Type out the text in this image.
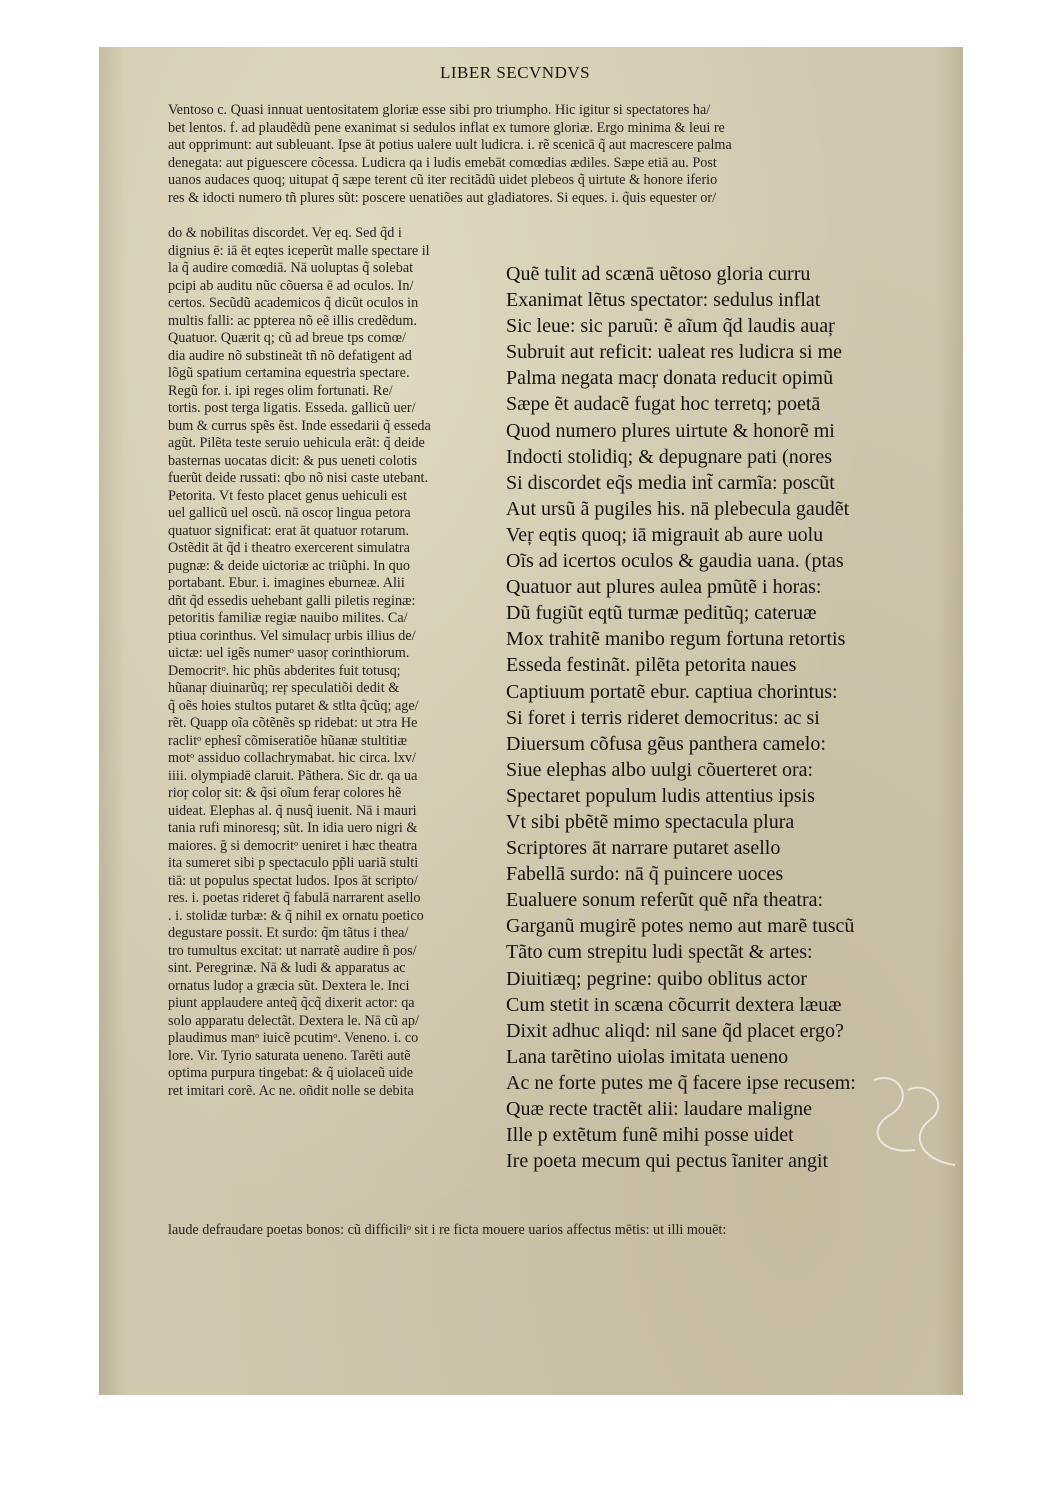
LIBER SECVNDVS
Ventoso c. Quasi innuat uentositatem gloriæ esse sibi pro triumpho. Hic igitur si spectatores ha/
bet lentos. f. ad plaudẽdũ pene exanimat si sedulos inflat ex tumore gloriæ. Ergo minima & leui re
aut opprimunt: aut subleuant. Ipse āt potius ualere uult ludicra. i. rẽ scenicā q̃ aut macrescere palma
denegata: aut piguescere cõcessa. Ludicra qa i ludis emebāt comœdias ædiles. Sæpe etiā au. Post
uanos audaces quoq; uitupat q̃ sæpe terent cũ iter recitãdũ uidet plebeos q̃ uirtute & honore iferio
res & idocti numero tñ plures sũt: poscere uenatiões aut gladiatores. Si eques. i. q̃uis equester or/
do & nobilitas discordet. Veŗ eq. Sed q̃d i
dignius ē: iā ēt eqtes iceperũt malle spectare il
la q̃ audire comœdiā. Nā uoluptas q̃ solebat
pcipi ab auditu nũc cõuersa ē ad oculos. In/
certos. Secũdũ academicos q̃ dicũt oculos in
multis falli: ac ppterea nõ eẽ illis credẽdum.
Quatuor. Quærit q; cũ ad breue tps comœ/
dia audire nõ substineãt tñ nõ defatigent ad
lõgũ spatium certamina equestria spectare.
Regũ for. i. ipi reges olim fortunati. Re/
tortis. post terga ligatis. Esseda. gallicũ uer/
bum & currus spẽs ẽst. Inde essedarii q̃ esseda
agũt. Pilẽta teste seruio uehicula erãt: q̃ deide
basternas uocatas dicit: & pus ueneti colotis
fuerũt deide russati: qbo nõ nisi caste utebant.
Petorita. Vt festo placet genus uehiculi est
uel gallicũ uel oscũ. nā oscoŗ lingua petora
quatuor significat: erat āt quatuor rotarum.
Ostẽdit āt q̃d i theatro exercerent simulatra
pugnæ: & deide uictoriæ ac triũphi. In quo
portabant. Ebur. i. imagines eburneæ. Alii
dñt q̃d essedis uehebant galli piletis reginæ:
petoritis familiæ regiæ nauibo milites. Ca/
ptiua corinthus. Vel simulacŗ urbis illius de/
uictæ: uel igẽs numerᵒ uasoŗ corinthiorum.
Democritᵒ. hic phũs abderites fuit totusq;
hũanaŗ diuinarũq; reŗ speculatiõi dedit &
q̃ oẽs hoies stultos putaret & stlta q̃cũq; age/
rẽt. Quapp oĩa cõtẽnẽs sp ridebat: ut ɔtra He
raclitᵒ ephesĩ cõmiseratiõe hũanæ stultitiæ
motᵒ assiduo collachrymabat. hic circa. lxv/
iiii. olympiadē claruit. Pãthera. Sic dr. qa ua
rioŗ coloŗ sit: & q̃si oĩum feraŗ colores hẽ
uideat. Elephas al. q̃ nusq̃ iuenit. Nā i mauri
tania rufi minoresq; sũt. In idia uero nigri &
maiores. ğ si democritᵒ ueniret i hæc theatra
ita sumeret sibi p spectaculo pp̃li uariã stulti
tiā: ut populus spectat ludos. Ipos āt scripto/
res. i. poetas rideret q̃ fabulā narrarent asello
. i. stolidæ turbæ: & q̃ nihil ex ornatu poetico
degustare possit. Et surdo: q̃m tãtus i thea/
tro tumultus excitat: ut narratẽ audire ñ pos/
sint. Peregrinæ. Nā & ludi & apparatus ac
ornatus ludoŗ a græcia sũt. Dextera le. Inci
piunt applaudere anteq̃ q̃cq̃ dixerit actor: qa
solo apparatu delectãt. Dextera le. Nā cũ ap/
plaudimus manᵒ iuicẽ pcutimᵒ. Veneno. i. co
lore. Vir. Tyrio saturata ueneno. Tarẽti autẽ
optima purpura tingebat: & q̃ uiolaceũ uide
ret imitari corẽ. Ac ne. oñdit nolle se debita
Quẽ tulit ad scænā uẽtoso gloria curru
Exanimat lẽtus spectator: sedulus inflat
Sic leue: sic paruũ: ẽ aĩum q̃d laudis auaŗ
Subruit aut reficit: ualeat res ludicra si me
Palma negata macŗ donata reducit opimũ
Sæpe ẽt audacẽ fugat hoc terretq; poetā
Quod numero plures uirtute & honorẽ mi
Indocti stolidiq; & depugnare pati (nores
Si discordet eq̃s media int̃ carmĩa: poscũt
Aut ursũ ã pugiles his. nā plebecula gaudẽt
Veŗ eqtis quoq; iā migrauit ab aure uolu
Oĩs ad icertos oculos & gaudia uana. (ptas
Quatuor aut plures aulea pmũtẽ i horas:
Dũ fugiũt eqtũ turmæ peditũq; cateruæ
Mox trahitẽ manibo regum fortuna retortis
Esseda festinãt. pilẽta petorita naues
Captiuum portatẽ ebur. captiua chorintus:
Si foret i terris rideret democritus: ac si
Diuersum cõfusa gẽus panthera camelo:
Siue elephas albo uulgi cõuerteret ora:
Spectaret populum ludis attentius ipsis
Vt sibi pbẽtẽ mimo spectacula plura
Scriptores āt narrare putaret asello
Fabellā surdo: nā q̃ puincere uoces
Eualuere sonum referũt quẽ nr̃a theatra:
Garganũ mugirẽ potes nemo aut marẽ tuscũ
Tãto cum strepitu ludi spectãt & artes:
Diuitiæq; pegrine: quibo oblitus actor
Cum stetit in scæna cõcurrit dextera læuæ
Dixit adhuc aliqd: nil sane q̃d placet ergo?
Lana tarẽtino uiolas imitata ueneno
Ac ne forte putes me q̃ facere ipse recusem:
Quæ recte tractẽt alii: laudare maligne
Ille p extẽtum funẽ mihi posse uidet
Ire poeta mecum qui pectus ĩaniter angit
laude defraudare poetas bonos: cũ difficiliᵒ sit i re ficta mouere uarios affectus mētis: ut illi mouēt:
